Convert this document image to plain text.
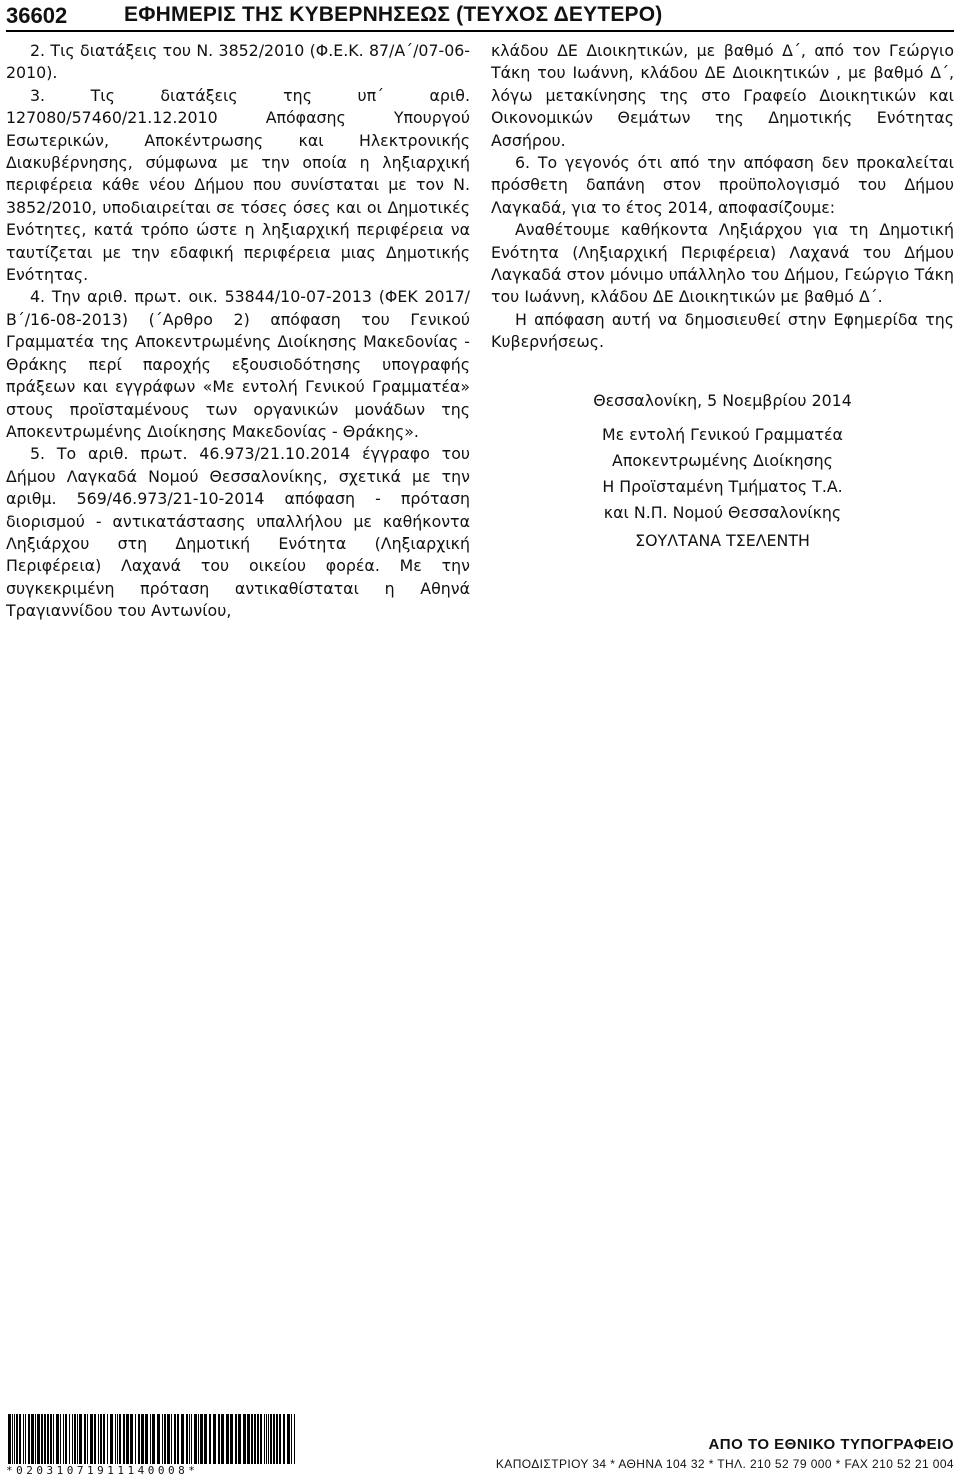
36602	ΕΦΗΜΕΡΙΣ ΤΗΣ ΚΥΒΕΡΝΗΣΕΩΣ (ΤΕΥΧΟΣ ΔΕΥΤΕΡΟ)

2. Τις διατάξεις του Ν. 3852/2010 (Φ.Ε.Κ. 87/Α΄/07-06-2010).

3. Τις διατάξεις της υπ΄ αριθ. 127080/57460/21.12.2010 Απόφασης Υπουργού Εσωτερικών, Αποκέντρωσης και Ηλεκτρονικής Διακυβέρνησης, σύμφωνα με την οποία η ληξιαρχική περιφέρεια κάθε νέου Δήμου που συνίσταται με τον Ν. 3852/2010, υποδιαιρείται σε τόσες όσες και οι Δημοτικές Ενότητες, κατά τρόπο ώστε η ληξιαρχική περιφέρεια να ταυτίζεται με την εδαφική περιφέρεια μιας Δημοτικής Ενότητας.

4. Την αριθ. πρωτ. οικ. 53844/10-07-2013 (ΦΕΚ 2017/Β΄/16-08-2013) (΄Αρθρο 2) απόφαση του Γενικού Γραμματέα της Αποκεντρωμένης Διοίκησης Μακεδονίας - Θράκης περί παροχής εξουσιοδότησης υπογραφής πράξεων και εγγράφων «Με εντολή Γενικού Γραμματέα» στους προϊσταμένους των οργανικών μονάδων της Αποκεντρωμένης Διοίκησης Μακεδονίας - Θράκης».

5. Το αριθ. πρωτ. 46.973/21.10.2014 έγγραφο του Δήμου Λαγκαδά Νομού Θεσσαλονίκης, σχετικά με την αριθμ. 569/46.973/21-10-2014 απόφαση - πρόταση διορισμού - αντικατάστασης υπαλλήλου με καθήκοντα Ληξιάρχου στη Δημοτική Ενότητα (Ληξιαρχική Περιφέρεια) Λαχανά του οικείου φορέα. Με την συγκεκριμένη πρόταση αντικαθίσταται η Αθηνά Τραγιαννίδου του Αντωνίου,

κλάδου ΔΕ Διοικητικών, με βαθμό Δ΄, από τον Γεώργιο Τάκη του Ιωάννη, κλάδου ΔΕ Διοικητικών , με βαθμό Δ΄, λόγω μετακίνησης της στο Γραφείο Διοικητικών και Οικονομικών Θεμάτων της Δημοτικής Ενότητας Ασσήρου.

6. Το γεγονός ότι από την απόφαση δεν προκαλείται πρόσθετη δαπάνη στον προϋπολογισμό του Δήμου Λαγκαδά, για το έτος 2014, αποφασίζουμε:

Αναθέτουμε καθήκοντα Ληξιάρχου για τη Δημοτική Ενότητα (Ληξιαρχική Περιφέρεια) Λαχανά του Δήμου Λαγκαδά στον μόνιμο υπάλληλο του Δήμου, Γεώργιο Τάκη του Ιωάννη, κλάδου ΔΕ Διοικητικών με βαθμό Δ΄.

Η απόφαση αυτή να δημοσιευθεί στην Εφημερίδα της Κυβερνήσεως.

Θεσσαλονίκη, 5 Νοεμβρίου 2014
Με εντολή Γενικού Γραμματέα
Αποκεντρωμένης Διοίκησης
Η Προϊσταμένη Τμήματος Τ.Α.
και Ν.Π. Νομού Θεσσαλονίκης
ΣΟΥΛΤΑΝΑ ΤΣΕΛΕΝΤΗ
*02031071911140008*
ΑΠΟ ΤΟ ΕΘΝΙΚΟ ΤΥΠΟΓΡΑΦΕΙΟ
ΚΑΠΟΔΙΣΤΡΙΟΥ 34 * ΑΘΗΝΑ 104 32 * ΤΗΛ. 210 52 79 000 * FAX 210 52 21 004
